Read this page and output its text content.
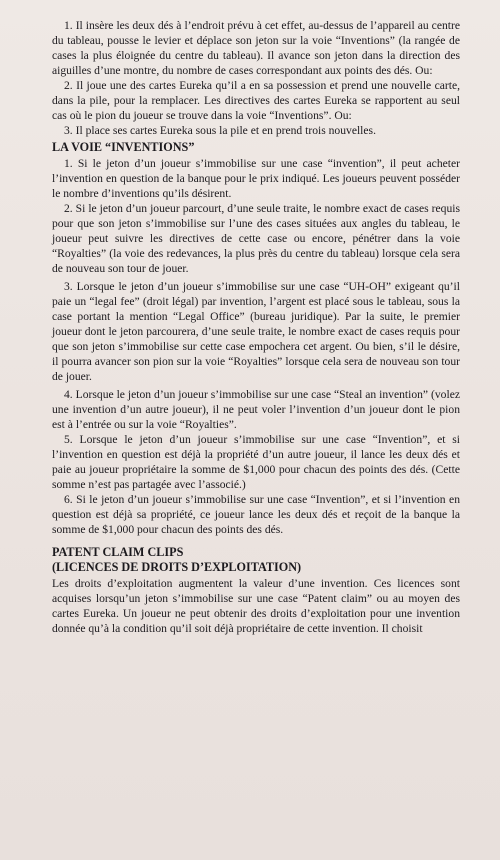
1. Il insère les deux dés à l’endroit prévu à cet effet, au-dessus de l’appareil au centre du tableau, pousse le levier et déplace son jeton sur la voie “Inventions” (la rangée de cases la plus éloignée du centre du tableau). Il avance son jeton dans la direction des aiguilles d’une montre, du nombre de cases correspondant aux points des dés. Ou:

2. Il joue une des cartes Eureka qu’il a en sa possession et prend une nouvelle carte, dans la pile, pour la remplacer. Les directives des cartes Eureka se rapportent au seul cas où le pion du joueur se trouve dans la voie “Inventions”. Ou:

3. Il place ses cartes Eureka sous la pile et en prend trois nouvelles.

LA VOIE “INVENTIONS”

1. Si le jeton d’un joueur s’immobilise sur une case “invention”, il peut acheter l’invention en question de la banque pour le prix indiqué. Les joueurs peuvent posséder le nombre d’inventions qu’ils désirent.

2. Si le jeton d’un joueur parcourt, d’une seule traite, le nombre exact de cases requis pour que son jeton s’immobilise sur l’une des cases situées aux angles du tableau, le joueur peut suivre les directives de cette case ou encore, pénétrer dans la voie “Royalties” (la voie des redevances, la plus près du centre du tableau) lorsque cela sera de nouveau son tour de jouer.

3. Lorsque le jeton d’un joueur s’immobilise sur une case “UH-OH” exigeant qu’il paie un “legal fee” (droit légal) par invention, l’argent est placé sous le tableau, sous la case portant la mention “Legal Office” (bureau juridique). Par la suite, le premier joueur dont le jeton parcourera, d’une seule traite, le nombre exact de cases requis pour que son jeton s’immobilise sur cette case empochera cet argent. Ou bien, s’il le désire, il pourra avancer son pion sur la voie “Royalties” lorsque cela sera de nouveau son tour de jouer.

4. Lorsque le jeton d’un joueur s’immobilise sur une case “Steal an invention” (volez une invention d’un autre joueur), il ne peut voler l’invention d’un joueur dont le pion est à l’entrée ou sur la voie “Royalties”.

5. Lorsque le jeton d’un joueur s’immobilise sur une case “Invention”, et si l’invention en question est déjà la propriété d’un autre joueur, il lance les deux dés et paie au joueur propriétaire la somme de $1,000 pour chacun des points des dés. (Cette somme n’est pas partagée avec l’associé.)

6. Si le jeton d’un joueur s’immobilise sur une case “Invention”, et si l’invention en question est déjà sa propriété, ce joueur lance les deux dés et reçoit de la banque la somme de $1,000 pour chacun des points des dés.

PATENT CLAIM CLIPS
(LICENCES DE DROITS D’EXPLOITATION)

Les droits d’exploitation augmentent la valeur d’une invention. Ces licences sont acquises lorsqu’un jeton s’immobilise sur une case “Patent claim” ou au moyen des cartes Eureka. Un joueur ne peut obtenir des droits d’exploitation pour une invention donnée qu’à la condition qu’il soit déjà propriétaire de cette invention. Il choisit
